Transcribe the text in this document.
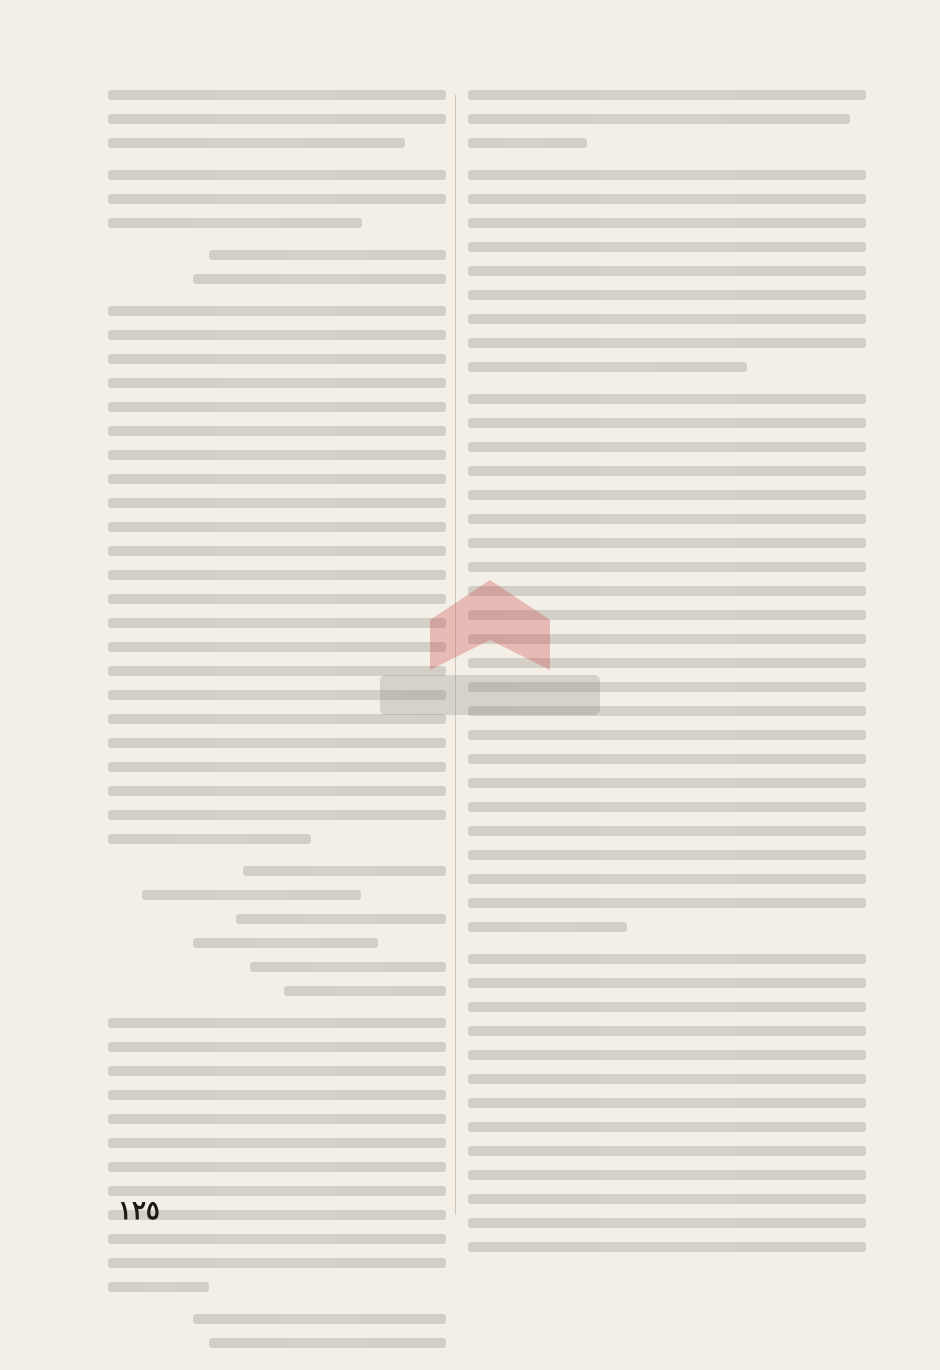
١٢٥
